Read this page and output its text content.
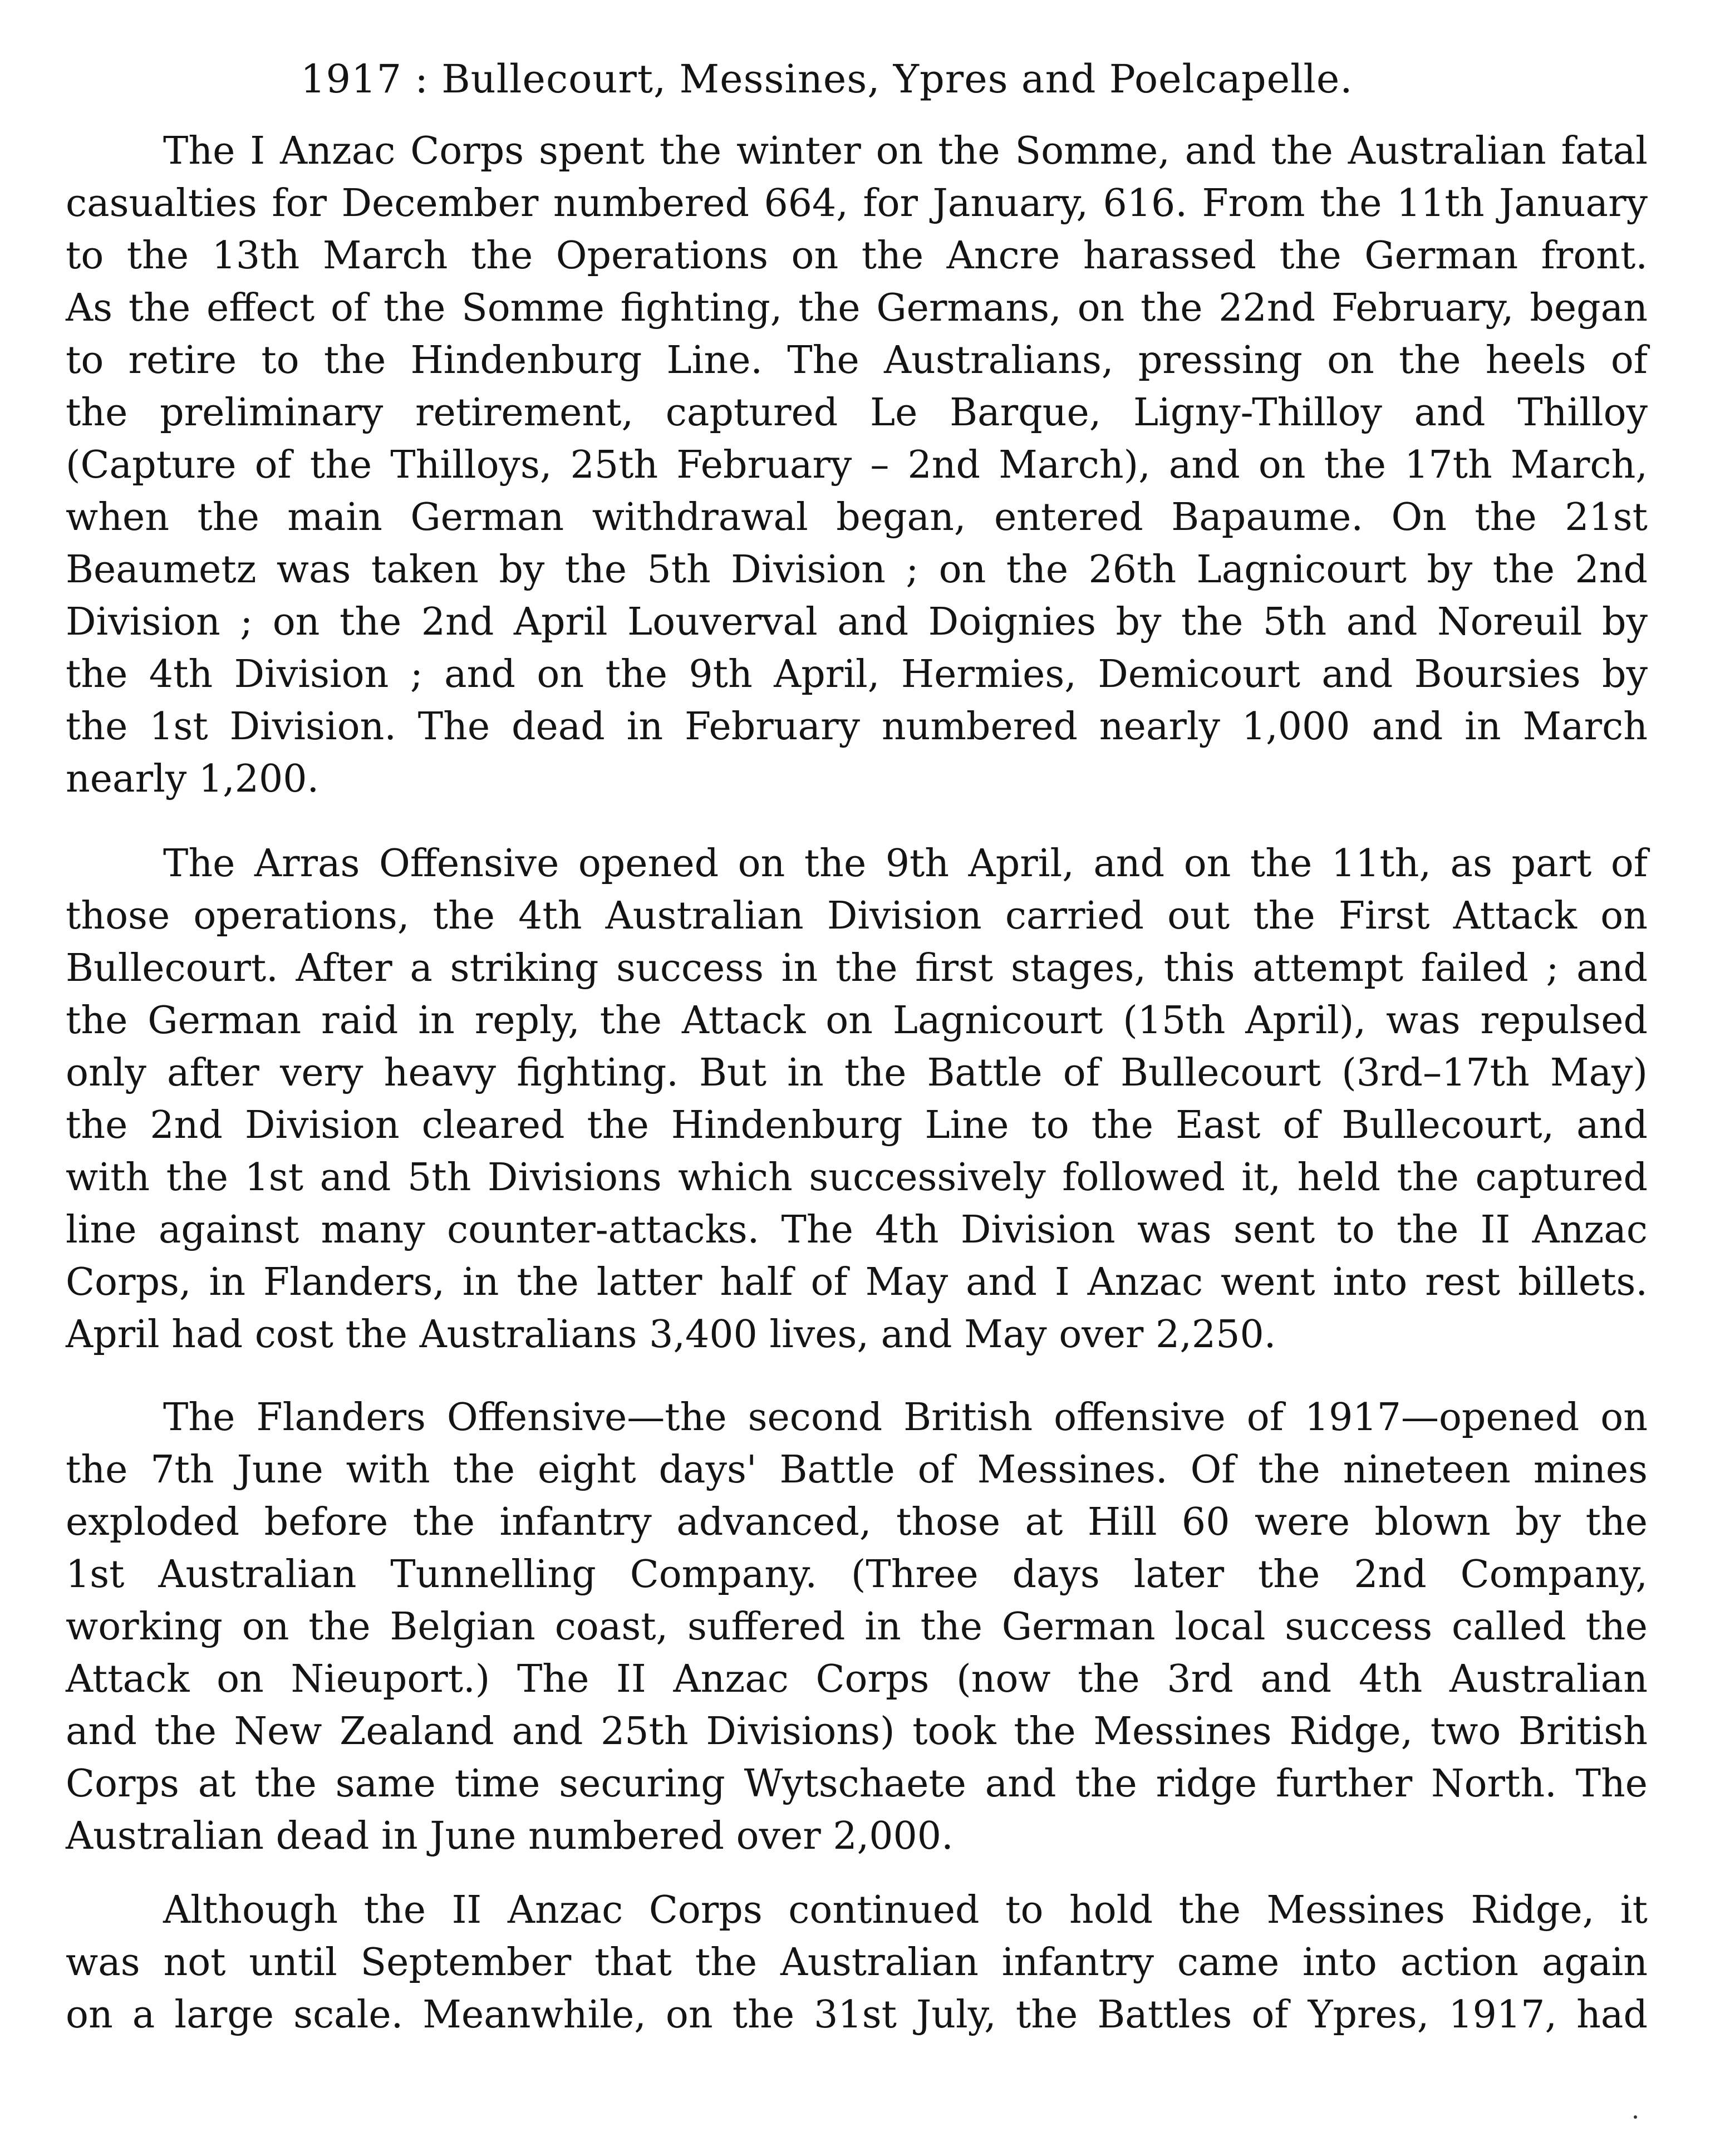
1917 : Bullecourt, Messines, Ypres and Poelcapelle.
The I Anzac Corps spent the winter on the Somme, and the Australian fatal
casualties for December numbered 664, for January, 616. From the 11th January
to the 13th March the Operations on the Ancre harassed the German front.
As the effect of the Somme fighting, the Germans, on the 22nd February, began
to retire to the Hindenburg Line. The Australians, pressing on the heels of
the preliminary retirement, captured Le Barque, Ligny-Thilloy and Thilloy
(Capture of the Thilloys, 25th February – 2nd March), and on the 17th March,
when the main German withdrawal began, entered Bapaume. On the 21st
Beaumetz was taken by the 5th Division ; on the 26th Lagnicourt by the 2nd
Division ; on the 2nd April Louverval and Doignies by the 5th and Noreuil by
the 4th Division ; and on the 9th April, Hermies, Demicourt and Boursies by
the 1st Division. The dead in February numbered nearly 1,000 and in March
nearly 1,200.
The Arras Offensive opened on the 9th April, and on the 11th, as part of
those operations, the 4th Australian Division carried out the First Attack on
Bullecourt. After a striking success in the first stages, this attempt failed ; and
the German raid in reply, the Attack on Lagnicourt (15th April), was repulsed
only after very heavy fighting. But in the Battle of Bullecourt (3rd–17th May)
the 2nd Division cleared the Hindenburg Line to the East of Bullecourt, and
with the 1st and 5th Divisions which successively followed it, held the captured
line against many counter-attacks. The 4th Division was sent to the II Anzac
Corps, in Flanders, in the latter half of May and I Anzac went into rest billets.
April had cost the Australians 3,400 lives, and May over 2,250.
The Flanders Offensive—the second British offensive of 1917—opened on
the 7th June with the eight days' Battle of Messines. Of the nineteen mines
exploded before the infantry advanced, those at Hill 60 were blown by the
1st Australian Tunnelling Company. (Three days later the 2nd Company,
working on the Belgian coast, suffered in the German local success called the
Attack on Nieuport.) The II Anzac Corps (now the 3rd and 4th Australian
and the New Zealand and 25th Divisions) took the Messines Ridge, two British
Corps at the same time securing Wytschaete and the ridge further North. The
Australian dead in June numbered over 2,000.
Although the II Anzac Corps continued to hold the Messines Ridge, it
was not until September that the Australian infantry came into action again
on a large scale. Meanwhile, on the 31st July, the Battles of Ypres, 1917, had
